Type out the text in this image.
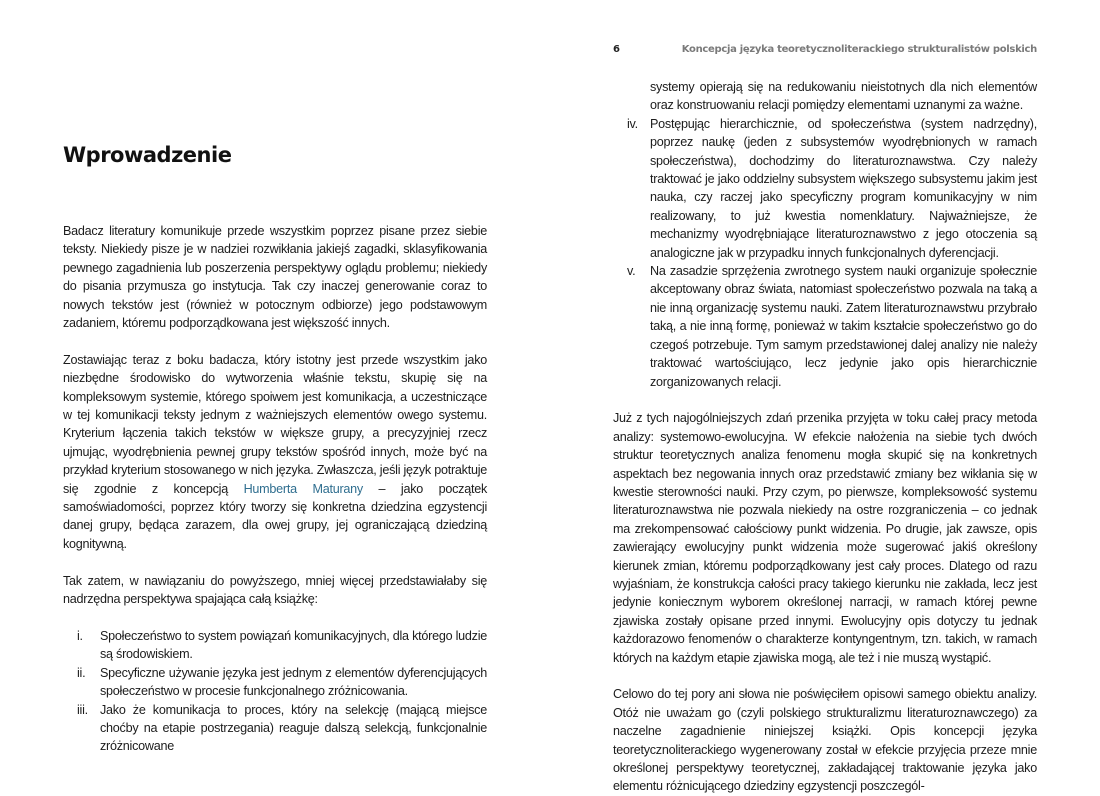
Wprowadzenie

Badacz literatury komunikuje przede wszystkim poprzez pisane przez siebie teksty. Niekiedy pisze je w nadziei rozwikłania jakiejś zagadki, sklasyfikowania pewnego zagadnienia lub poszerzenia perspektywy oglądu problemu; niekiedy do pisania przymusza go instytucja. Tak czy inaczej generowanie coraz to nowych tekstów jest (również w potocznym odbiorze) jego podstawowym zadaniem, któremu podporządkowana jest większość innych.

Zostawiając teraz z boku badacza, który istotny jest przede wszystkim jako niezbędne środowisko do wytworzenia właśnie tekstu, skupię się na kompleksowym systemie, którego spoiwem jest komunikacja, a uczestniczące w tej komunikacji teksty jednym z ważniejszych elementów owego systemu. Kryterium łączenia takich tekstów w większe grupy, a precyzyjniej rzecz ujmując, wyodrębnienia pewnej grupy tekstów spośród innych, może być na przykład kryterium stosowanego w nich języka. Zwłaszcza, jeśli język potraktuje się zgodnie z koncepcją Humberta Maturany – jako początek samoświadomości, poprzez który tworzy się konkretna dziedzina egzystencji danej grupy, będąca zarazem, dla owej grupy, jej ograniczającą dziedziną kognitywną.

Tak zatem, w nawiązaniu do powyższego, mniej więcej przedstawiałaby się nadrzędna perspektywa spajająca całą książkę:

i.	Społeczeństwo to system powiązań komunikacyjnych, dla którego ludzie są środowiskiem.
ii.	Specyficzne używanie języka jest jednym z elementów dyferencjujących społeczeństwo w procesie funkcjonalnego zróżnicowania.
iii. Jako że komunikacja to proces, który na selekcję (mającą miejsce choćby na etapie postrzegania) reaguje dalszą selekcją, funkcjonalnie zróżnicowane
6	Koncepcja języka teoretycznoliterackiego strukturalistów polskich

systemy opierają się na redukowaniu nieistotnych dla nich elementów oraz konstruowaniu relacji pomiędzy elementami uznanymi za ważne.

iv. Postępując hierarchicznie, od społeczeństwa (system nadrzędny), poprzez naukę (jeden z subsystemów wyodrębnionych w ramach społeczeństwa), dochodzimy do literaturoznawstwa. Czy należy traktować je jako oddzielny subsystem większego subsystemu jakim jest nauka, czy raczej jako specyficzny program komunikacyjny w nim realizowany, to już kwestia nomenklatury. Najważniejsze, że mechanizmy wyodrębniające literaturoznawstwo z jego otoczenia są analogiczne jak w przypadku innych funkcjonalnych dyferencjacji.
v.	Na zasadzie sprzężenia zwrotnego system nauki organizuje społecznie akceptowany obraz świata, natomiast społeczeństwo pozwala na taką a nie inną organizację systemu nauki. Zatem literaturoznawstwu przybrało taką, a nie inną formę, ponieważ w takim kształcie społeczeństwo go do czegoś potrzebuje. Tym samym przedstawionej dalej analizy nie należy traktować wartościująco, lecz jedynie jako opis hierarchicznie zorganizowanych relacji.

Już z tych najogólniejszych zdań przenika przyjęta w toku całej pracy metoda analizy: systemowo-ewolucyjna. W efekcie nałożenia na siebie tych dwóch struktur teoretycznych analiza fenomenu mogła skupić się na konkretnych aspektach bez negowania innych oraz przedstawić zmiany bez wikłania się w kwestie sterowności nauki. Przy czym, po pierwsze, kompleksowość systemu literaturoznawstwa nie pozwala niekiedy na ostre rozgraniczenia – co jednak ma zrekompensować całościowy punkt widzenia. Po drugie, jak zawsze, opis zawierający ewolucyjny punkt widzenia może sugerować jakiś określony kierunek zmian, któremu podporządkowany jest cały proces. Dlatego od razu wyjaśniam, że konstrukcja całości pracy takiego kierunku nie zakłada, lecz jest jedynie koniecznym wyborem określonej narracji, w ramach której pewne zjawiska zostały opisane przed innymi. Ewolucyjny opis dotyczy tu jednak każdorazowo fenomenów o charakterze kontyngentnym, tzn. takich, w ramach których na każdym etapie zjawiska mogą, ale też i nie muszą wystąpić.

Celowo do tej pory ani słowa nie poświęciłem opisowi samego obiektu analizy. Otóż nie uważam go (czyli polskiego strukturalizmu literaturoznawczego) za naczelne zagadnienie niniejszej książki. Opis koncepcji języka teoretycznoliterackiego wygenerowany został w efekcie przyjęcia przeze mnie określonej perspektywy teoretycznej, zakładającej traktowanie języka jako elementu różnicującego dziedziny egzystencji poszczegól-
